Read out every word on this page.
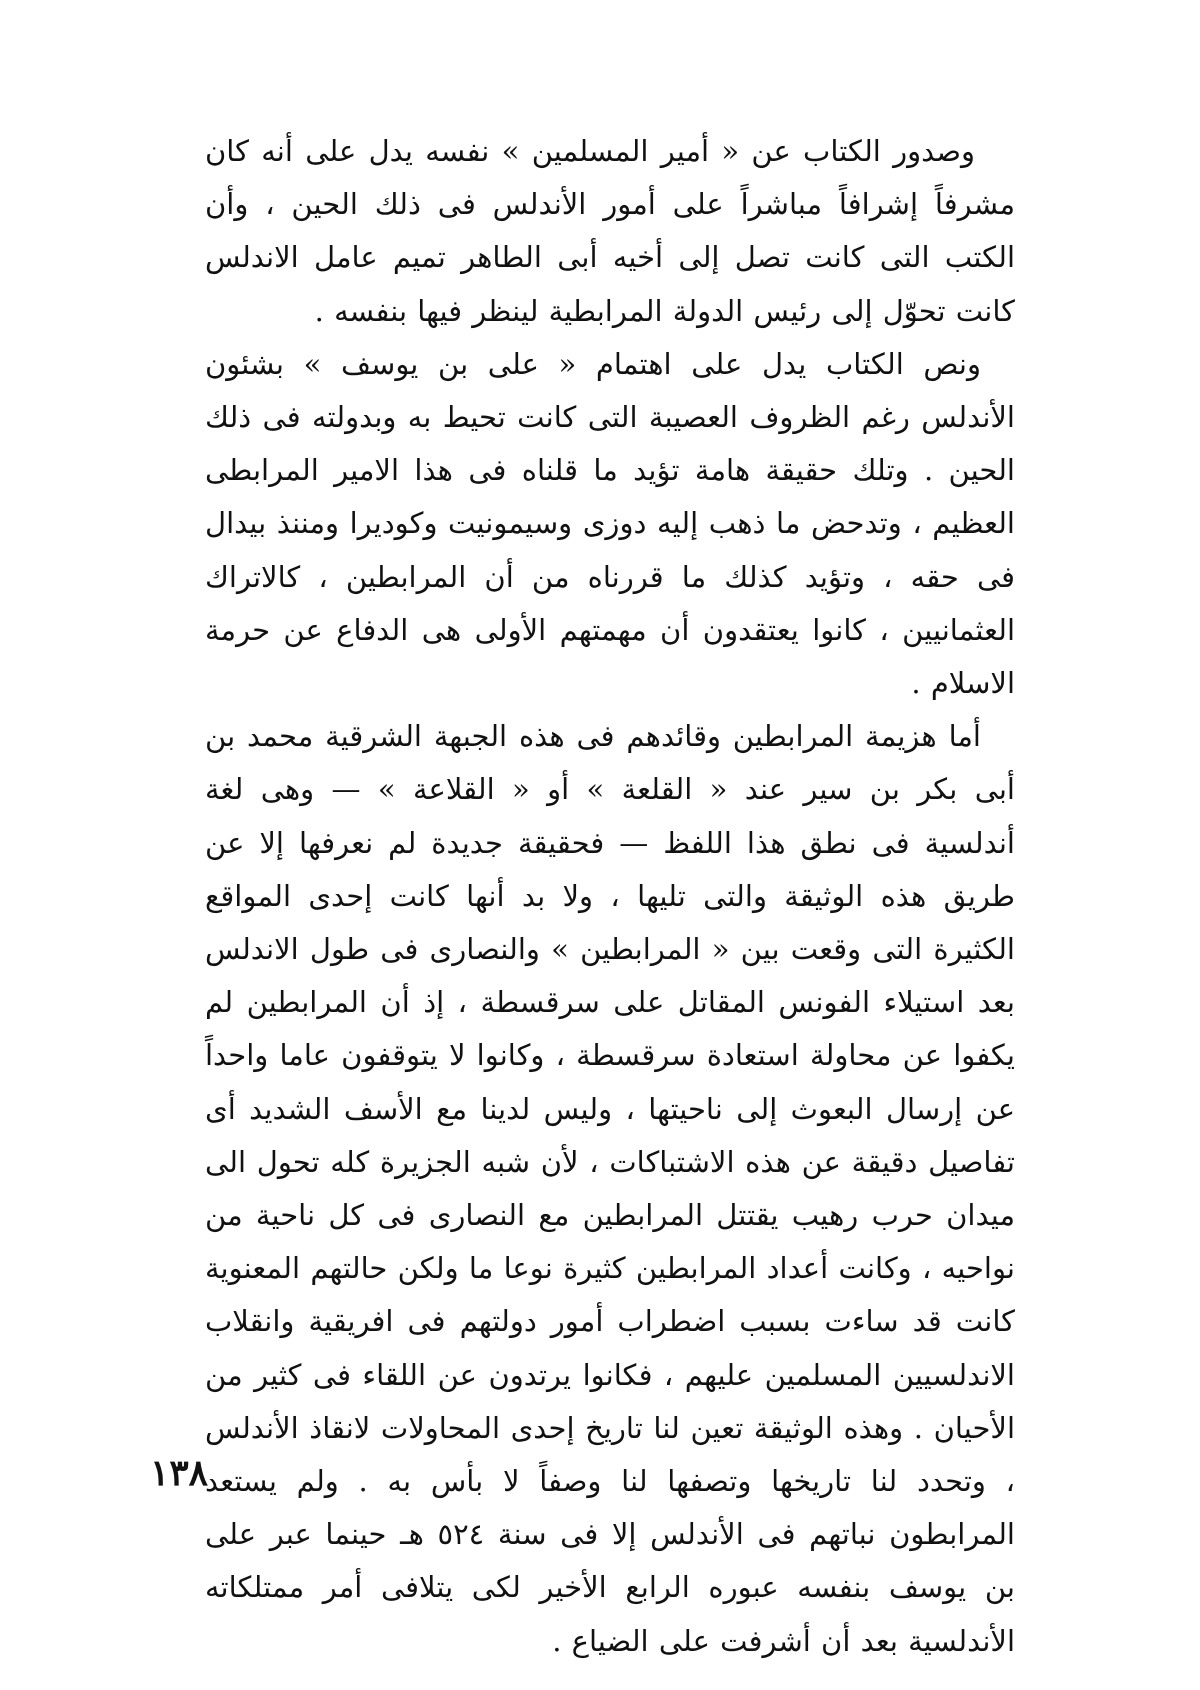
وصدور الكتاب عن « أمير المسلمين » نفسه يدل على أنه كان مشرفاً إشرافاً مباشراً على أمور الأندلس فى ذلك الحين ، وأن الكتب التى كانت تصل إلى أخيه أبى الطاهر تميم عامل الاندلس كانت تحوّل إلى رئيس الدولة المرابطية لينظر فيها بنفسه .

ونص الكتاب يدل على اهتمام « على بن يوسف » بشئون الأندلس رغم الظروف العصيبة التى كانت تحيط به وبدولته فى ذلك الحين . وتلك حقيقة هامة تؤيد ما قلناه فى هذا الامير المرابطى العظيم ، وتدحض ما ذهب إليه دوزى وسيمونيت وكوديرا ومننذ بيدال فى حقه ، وتؤيد كذلك ما قررناه من أن المرابطين ، كالاتراك العثمانيين ، كانوا يعتقدون أن مهمتهم الأولى هى الدفاع عن حرمة الاسلام .

أما هزيمة المرابطين وقائدهم فى هذه الجبهة الشرقية محمد بن أبى بكر بن سير عند « القلعة » أو « القلاعة » — وهى لغة أندلسية فى نطق هذا اللفظ — فحقيقة جديدة لم نعرفها إلا عن طريق هذه الوثيقة والتى تليها ، ولا بد أنها كانت إحدى المواقع الكثيرة التى وقعت بين « المرابطين » والنصارى فى طول الاندلس بعد استيلاء الفونس المقاتل على سرقسطة ، إذ أن المرابطين لم يكفوا عن محاولة استعادة سرقسطة ، وكانوا لا يتوقفون عاما واحداً عن إرسال البعوث إلى ناحيتها ، وليس لدينا مع الأسف الشديد أى تفاصيل دقيقة عن هذه الاشتباكات ، لأن شبه الجزيرة كله تحول الى ميدان حرب رهيب يقتتل المرابطين مع النصارى فى كل ناحية من نواحيه ، وكانت أعداد المرابطين كثيرة نوعا ما ولكن حالتهم المعنوية كانت قد ساءت بسبب اضطراب أمور دولتهم فى افريقية وانقلاب الاندلسيين المسلمين عليهم ، فكانوا يرتدون عن اللقاء فى كثير من الأحيان . وهذه الوثيقة تعين لنا تاريخ إحدى المحاولات لانقاذ الأندلس ، وتحدد لنا تاريخها وتصفها لنا وصفاً لا بأس به . ولم يستعد المرابطون نباتهم فى الأندلس إلا فى سنة ٥٢٤ هـ حينما عبر على بن يوسف بنفسه عبوره الرابع الأخير لكى يتلافى أمر ممتلكاته الأندلسية بعد أن أشرفت على الضياع .

١٣٨
